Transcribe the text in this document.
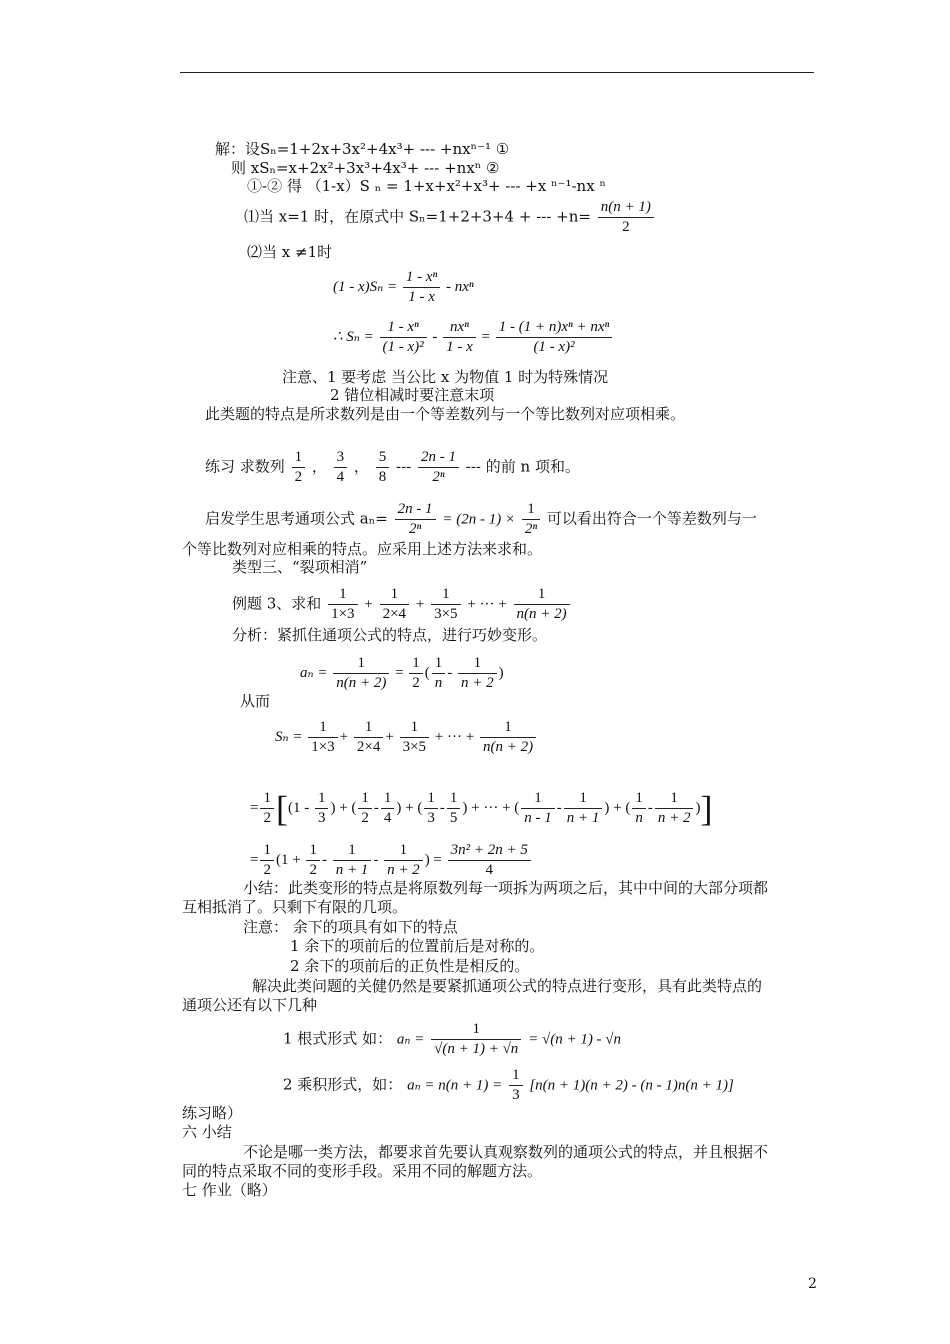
解：设Sₙ=1+2x+3x²+4x³+ --- +nxⁿ⁻¹ ①
则 xSₙ=x+2x²+3x³+4x³+ --- +nxⁿ ②
①-② 得 （1-x）S ₙ = 1+x+x²+x³+ --- +x ⁿ⁻¹-nx ⁿ
⑴当 x=1 时，在原式中 Sₙ=1+2+3+4 + --- $+n= \frac{n(n + 1)}{2}$
⑵当 x ≠1时
$(1 - x)S_n = \frac{\text{1 - xⁿ}}{1 - x} - nx^n$
∴ $S_n = \frac{\text{1 - xⁿ}}{\text{(1 - x)²}} - \frac{\text{nxⁿ}}{1 - x} = \frac{\text{1 - (1 + n)xⁿ + nxⁿ}}{\text{(1 - x)²}}$
注意、1 要考虑 当公比 x 为物值 1 时为特殊情况
2 错位相减时要注意末项
此类题的特点是所求数列是由一个等差数列与一个等比数列对应项相乘。
练习 求数列 $\frac{1}{2}$ ， $\frac{3}{4}$ ， $\frac{5}{8}$ --- $\frac{2n - 1}{\text{2ⁿ}}$ --- 的前 n 项和。
启发学生思考通项公式 $a_n= \frac{2n - 1}{\text{2ⁿ}} = (2n - 1) \times \frac{1}{\text{2ⁿ}}$ 可以看出符合一个等差数列与一
个等比数列对应相乘的特点。应采用上述方法来求和。
类型三、“裂项相消”
例题 3、求和 $\frac{1}{1\times 3} + \frac{1}{2\times 4} + \frac{1}{3\times 5}$ + ··· + $\frac{1}{n(n + 2)}$
分析：紧抓住通项公式的特点，进行巧妙变形。
$a_n = \frac{1}{n(n + 2)} = \frac{1}{2}$ ( $\frac{1}{n} - \frac{1}{n + 2}$ )
从而
$S_n = \frac{1}{1\times 3} + \frac{1}{2\times 4} + \frac{1}{3\times 5}$ + ··· + $\frac{1}{n(n + 2)}$
= $\frac{1}{2} [(1 - \frac{1}{3}$ ) + ( $\frac{1}{2} - \frac{1}{4}$ ) + ( $\frac{1}{3} - \frac{1}{5}$ ) + ··· + ( $\frac{1}{n - 1} - \frac{1}{n + 1}$ ) + ( $\frac{1}{n} - \frac{1}{n + 2}$ )]
= $\frac{1}{2} (1 + \frac{1}{2} - \frac{1}{n + 1} - \frac{1}{n + 2}$ ) = $\frac{\text{3n² + 2n + 5}}{4}$
小结：此类变形的特点是将原数列每一项拆为两项之后，其中中间的大部分项都
互相抵消了。只剩下有限的几项。
注意： 余下的项具有如下的特点
1 余下的项前后的位置前后是对称的。
2 余下的项前后的正负性是相反的。
解决此类问题的关健仍然是要紧抓通项公式的特点进行变形，具有此类特点的
通项公还有以下几种
1 根式形式 如： $a_n = \frac{1}{√(n + 1) + √n} = √(n + 1) - √n$
2 乘积形式，如： $a_n = n(n + 1) = \frac{1}{3} [n(n + 1)(n + 2) - (n - 1)n(n + 1)]$
练习略）
六 小结
不论是哪一类方法，都要求首先要认真观察数列的通项公式的特点，并且根据不
同的特点采取不同的变形手段。采用不同的解题方法。
七 作业（略）
2
